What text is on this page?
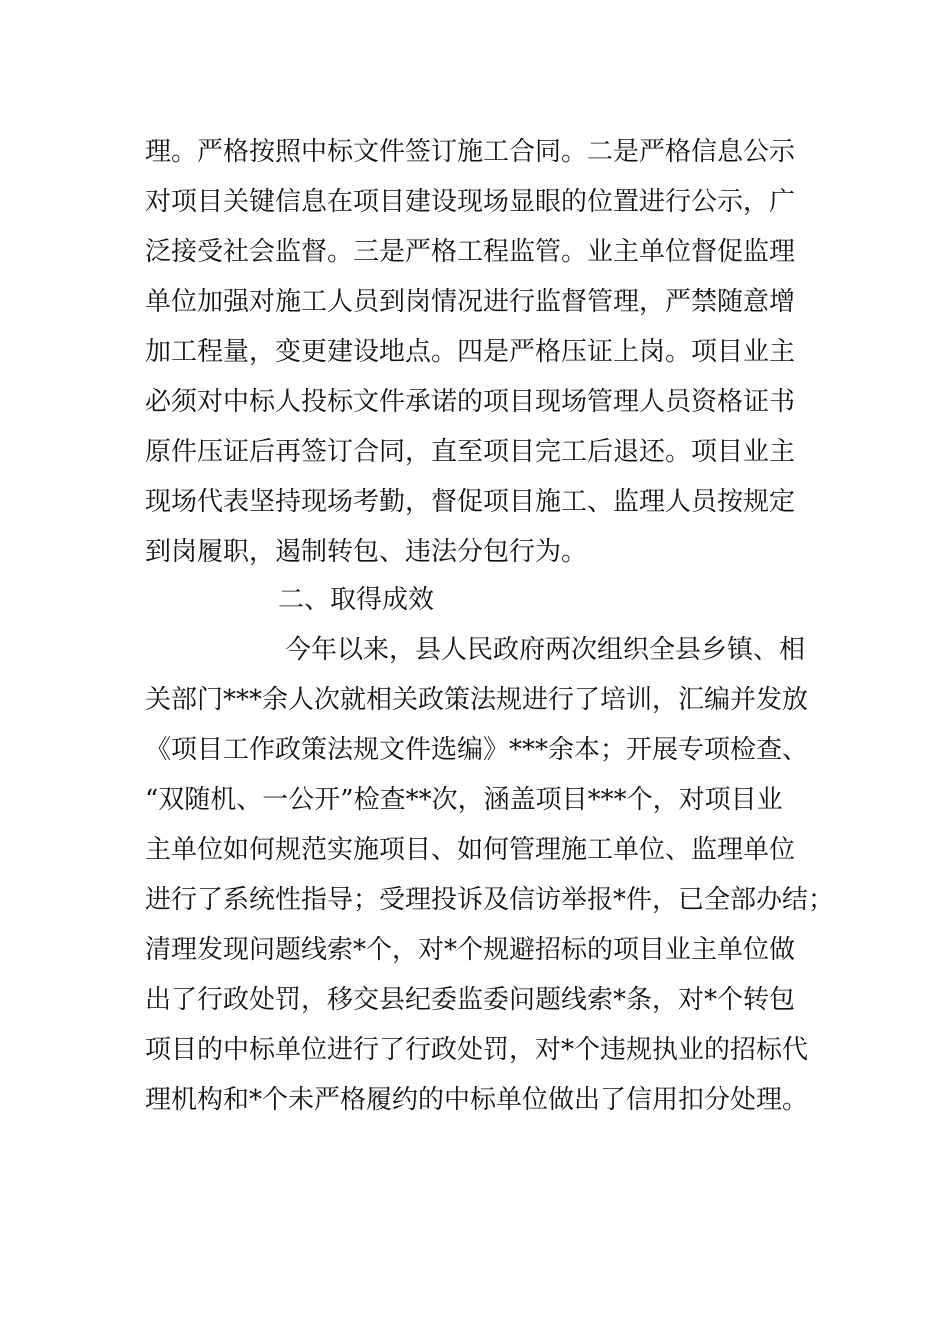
理。严格按照中标文件签订施工合同。二是严格信息公示
对项目关键信息在项目建设现场显眼的位置进行公示，广
泛接受社会监督。三是严格工程监管。业主单位督促监理
单位加强对施工人员到岗情况进行监督管理，严禁随意增
加工程量，变更建设地点。四是严格压证上岗。项目业主
必须对中标人投标文件承诺的项目现场管理人员资格证书
原件压证后再签订合同，直至项目完工后退还。项目业主
现场代表坚持现场考勤，督促项目施工、监理人员按规定
到岗履职，遏制转包、违法分包行为。
二、取得成效
今年以来，县人民政府两次组织全县乡镇、相
关部门***余人次就相关政策法规进行了培训，汇编并发放
《项目工作政策法规文件选编》***余本；开展专项检查、
“双随机、一公开”检查**次，涵盖项目***个，对项目业
主单位如何规范实施项目、如何管理施工单位、监理单位
进行了系统性指导；受理投诉及信访举报*件，已全部办结；
清理发现问题线索*个，对*个规避招标的项目业主单位做
出了行政处罚，移交县纪委监委问题线索*条，对*个转包
项目的中标单位进行了行政处罚，对*个违规执业的招标代
理机构和*个未严格履约的中标单位做出了信用扣分处理。
